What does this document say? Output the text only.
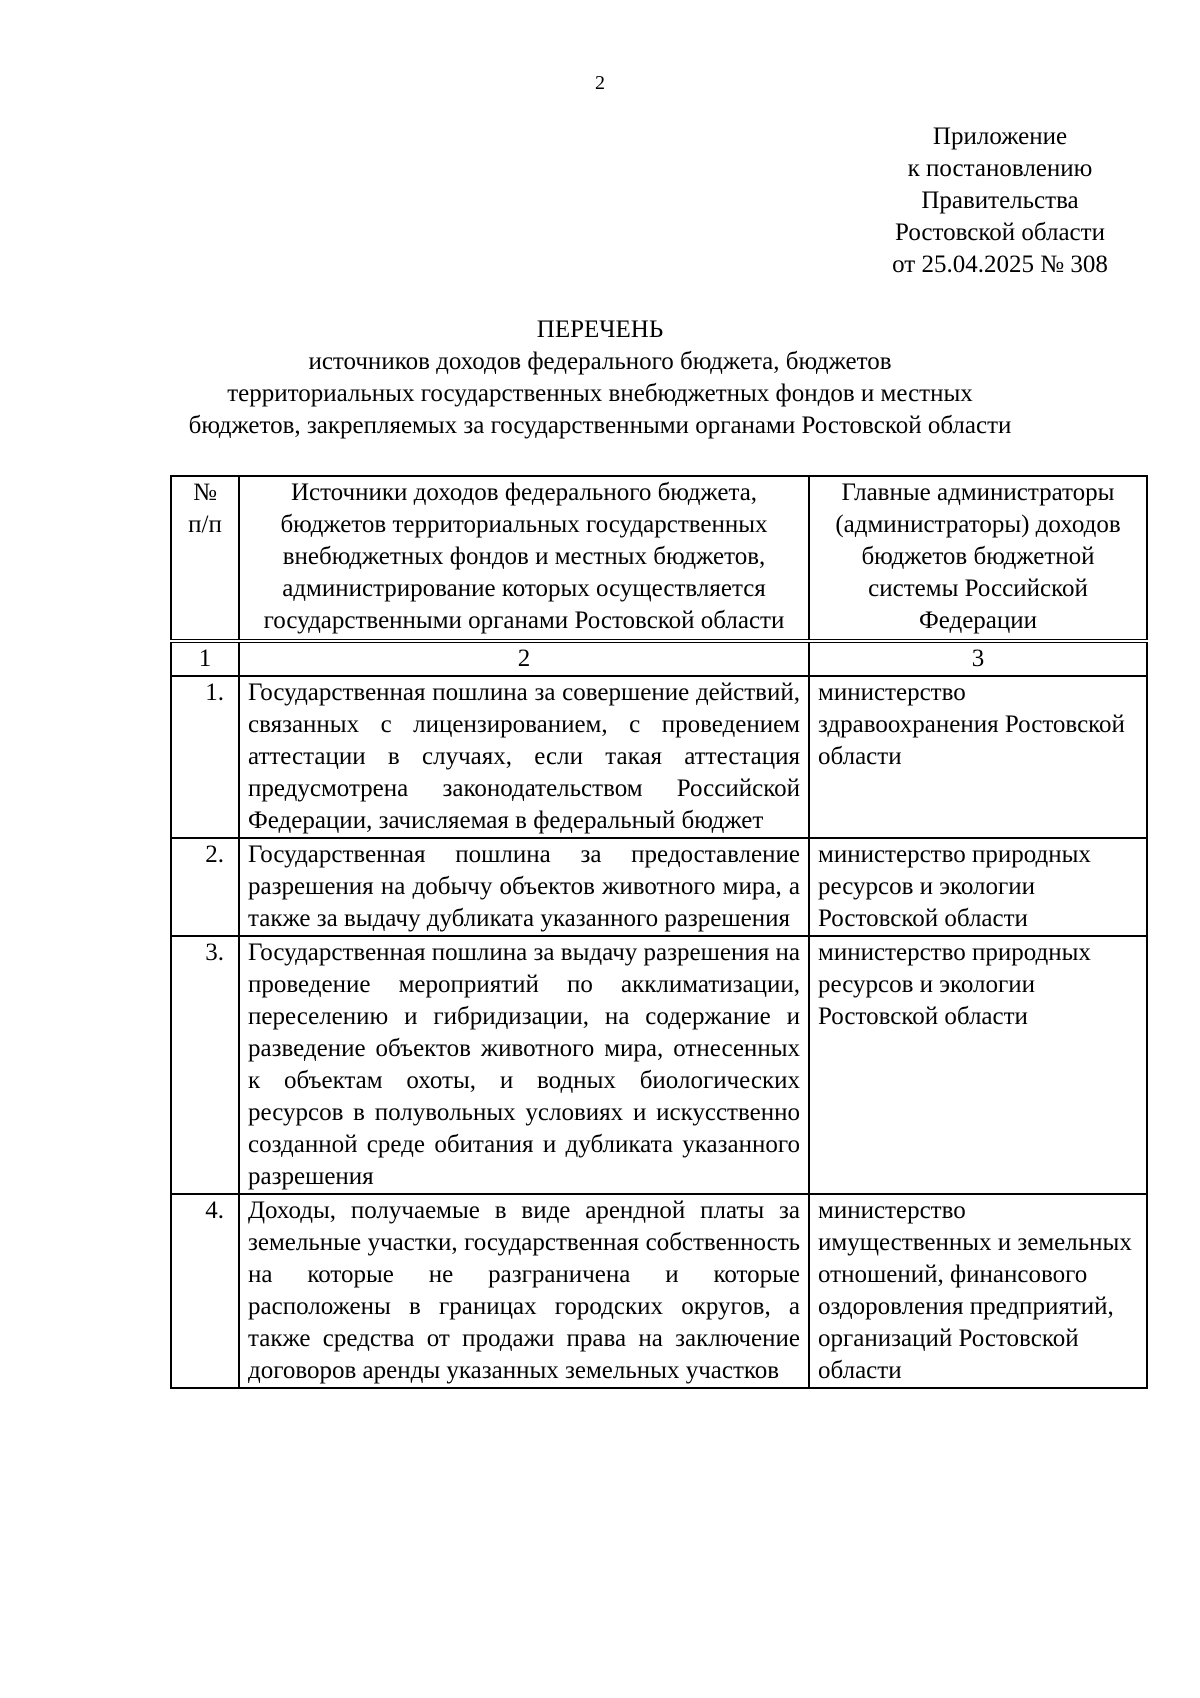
2
Приложение
к постановлению
Правительства
Ростовской области
от 25.04.2025 № 308
ПЕРЕЧЕНЬ
источников доходов федерального бюджета, бюджетов
территориальных государственных внебюджетных фондов и местных
бюджетов, закрепляемых за государственными органами Ростовской области
№ п/п	Источники доходов федерального бюджета, бюджетов территориальных государственных внебюджетных фондов и местных бюджетов, администрирование которых осуществляется государственными органами Ростовской области	Главные администраторы (администраторы) доходов бюджетов бюджетной системы Российской Федерации
1	2	3
1.	Государственная пошлина за совершение действий, связанных с лицензированием, с проведением аттестации в случаях, если такая аттестация предусмотрена законодательством Российской Федерации, зачисляемая в федеральный бюджет	министерство здравоохранения Ростовской области
2.	Государственная пошлина за предоставление разрешения на добычу объектов животного мира, а также за выдачу дубликата указанного разрешения	министерство природных ресурсов и экологии Ростовской области
3.	Государственная пошлина за выдачу разрешения на проведение мероприятий по акклиматизации, переселению и гибридизации, на содержание и разведение объектов животного мира, отнесенных к объектам охоты, и водных биологических ресурсов в полувольных условиях и искусственно созданной среде обитания и дубликата указанного разрешения	министерство природных ресурсов и экологии Ростовской области
4.	Доходы, получаемые в виде арендной платы за земельные участки, государственная собственность на которые не разграничена и которые расположены в границах городских округов, а также средства от продажи права на заключение договоров аренды указанных земельных участков	министерство имущественных и земельных отношений, финансового оздоровления предприятий, организаций Ростовской области
